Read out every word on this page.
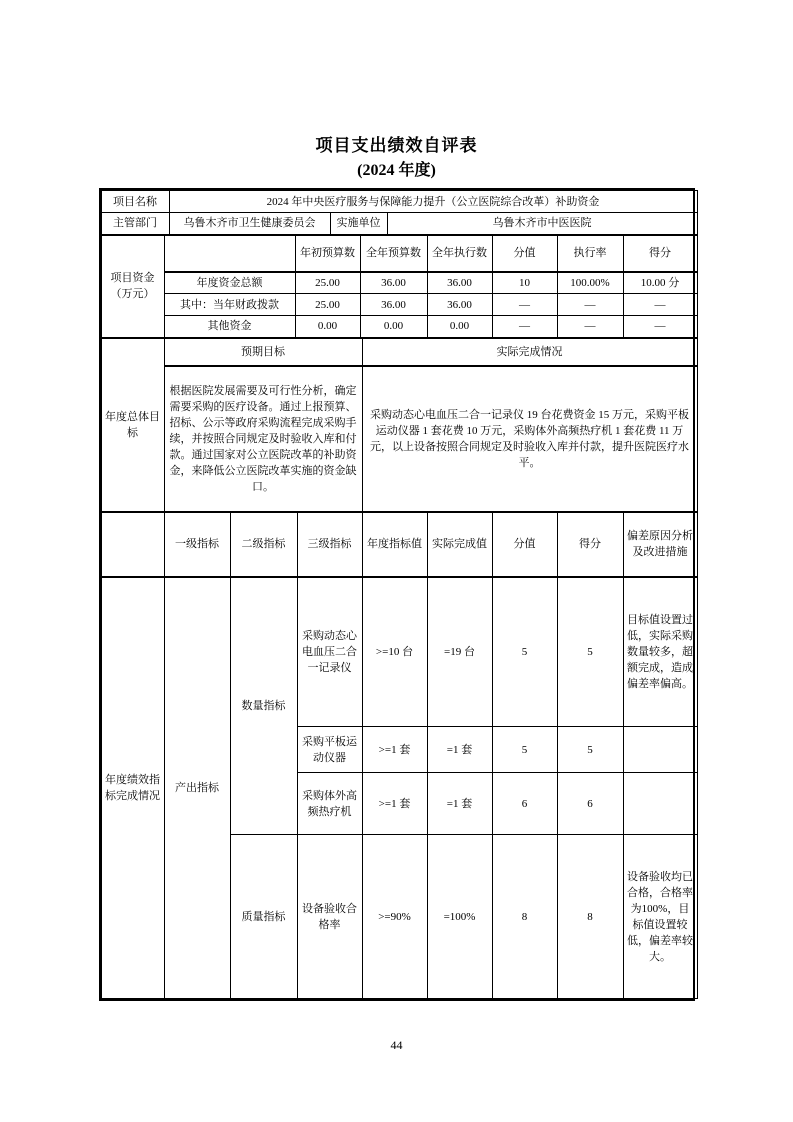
项目支出绩效自评表
(2024 年度)
项目名称	2024 年中央医疗服务与保障能力提升（公立医院综合改革）补助资金		
主管部门	乌鲁木齐市卫生健康委员会	实施单位	乌鲁木齐市中医医院
项目资金（万元）		年初预算数	全年预算数	全年执行数	分值	执行率	得分
	年度资金总额	25.00	36.00	36.00	10	100.00%	10.00 分
	其中：当年财政拨款	25.00	36.00	36.00	—	—	—
	其他资金	0.00	0.00	0.00	—	—	—
年度总体目标	预期目标	实际完成情况
	根据医院发展需要及可行性分析，确定需要采购的医疗设备。通过上报预算、招标、公示等政府采购流程完成采购手续，并按照合同规定及时验收入库和付款。通过国家对公立医院改革的补助资金，来降低公立医院改革实施的资金缺口。	采购动态心电血压二合一记录仪 19 台花费资金 15 万元，采购平板运动仪器 1 套花费 10 万元，采购体外高频热疗机 1 套花费 11 万元，以上设备按照合同规定及时验收入库并付款，提升医院医疗水平。
	一级指标	二级指标	三级指标	年度指标值	实际完成值	分值	得分	偏差原因分析及改进措施
年度绩效指标完成情况	产出指标	数量指标	采购动态心电血压二合一记录仪	>=10 台	=19 台	5	5	目标值设置过低，实际采购数量较多，超额完成，造成偏差率偏高。
			采购平板运动仪器	>=1 套	=1 套	5	5	
			采购体外高频热疗机	>=1 套	=1 套	6	6	
		质量指标	设备验收合格率	>=90%	=100%	8	8	设备验收均已合格，合格率为100%，目标值设置较低，偏差率较大。
44
